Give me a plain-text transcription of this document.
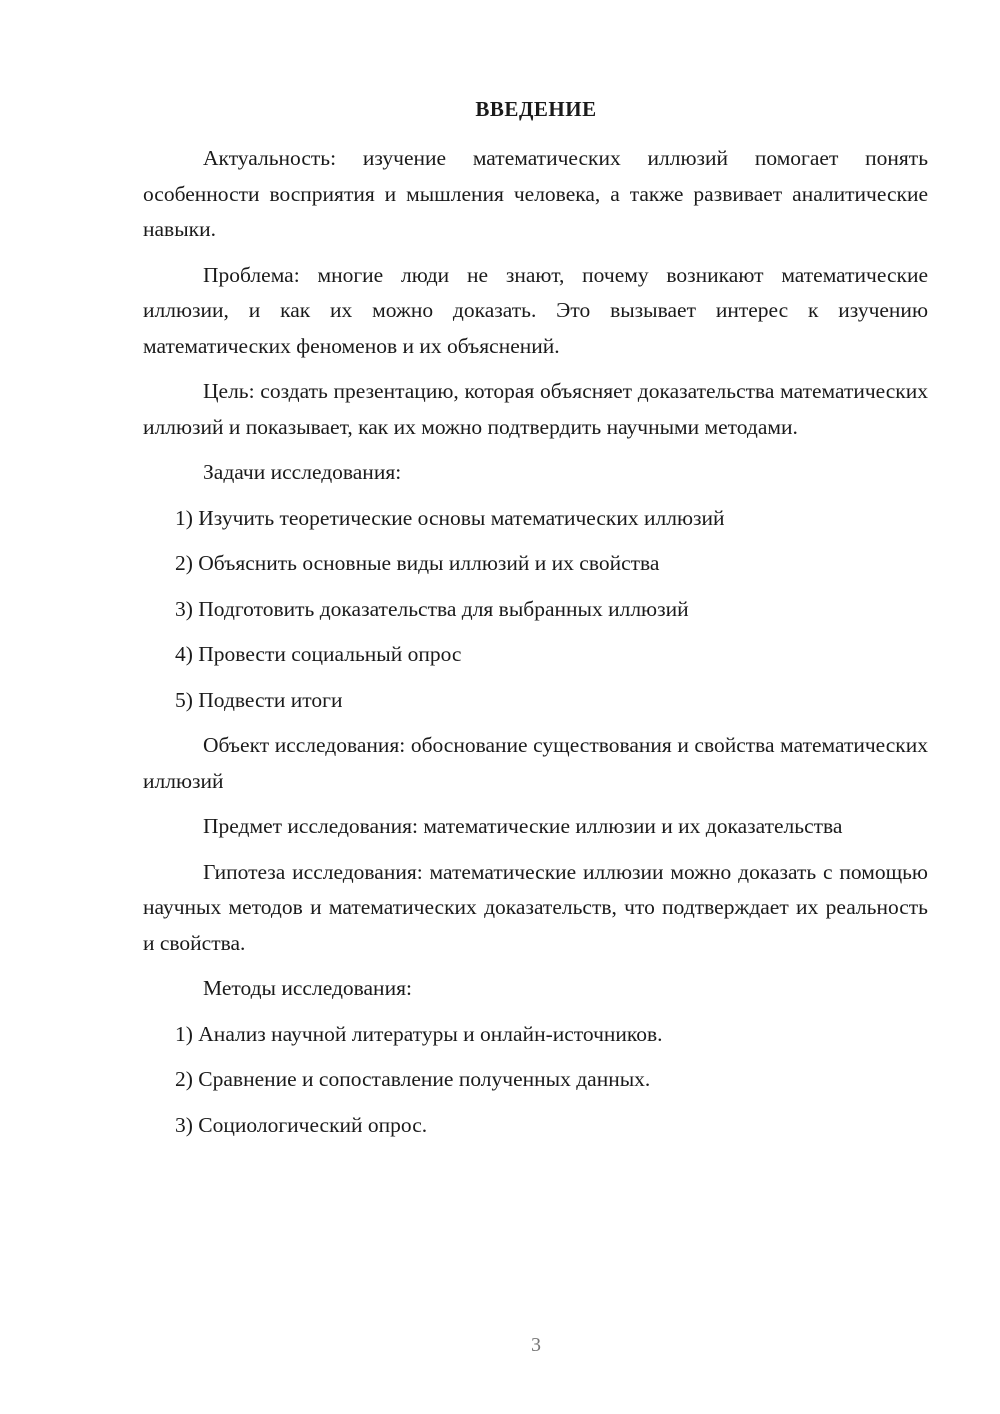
ВВЕДЕНИЕ

Актуальность: изучение математических иллюзий помогает понять особенности восприятия и мышления человека, а также развивает аналитические навыки.

Проблема: многие люди не знают, почему возникают математические иллюзии, и как их можно доказать. Это вызывает интерес к изучению математических феноменов и их объяснений.

Цель: создать презентацию, которая объясняет доказательства математических иллюзий и показывает, как их можно подтвердить научными методами.

Задачи исследования:

1) Изучить теоретические основы математических иллюзий
2) Объяснить основные виды иллюзий и их свойства
3) Подготовить доказательства для выбранных иллюзий
4) Провести социальный опрос
5) Подвести итоги

Объект исследования: обоснование существования и свойства математических иллюзий

Предмет исследования: математические иллюзии и их доказательства

Гипотеза исследования: математические иллюзии можно доказать с помощью научных методов и математических доказательств, что подтверждает их реальность и свойства.

Методы исследования:

1) Анализ научной литературы и онлайн-источников.
2) Сравнение и сопоставление полученных данных.
3) Социологический опрос.
3
